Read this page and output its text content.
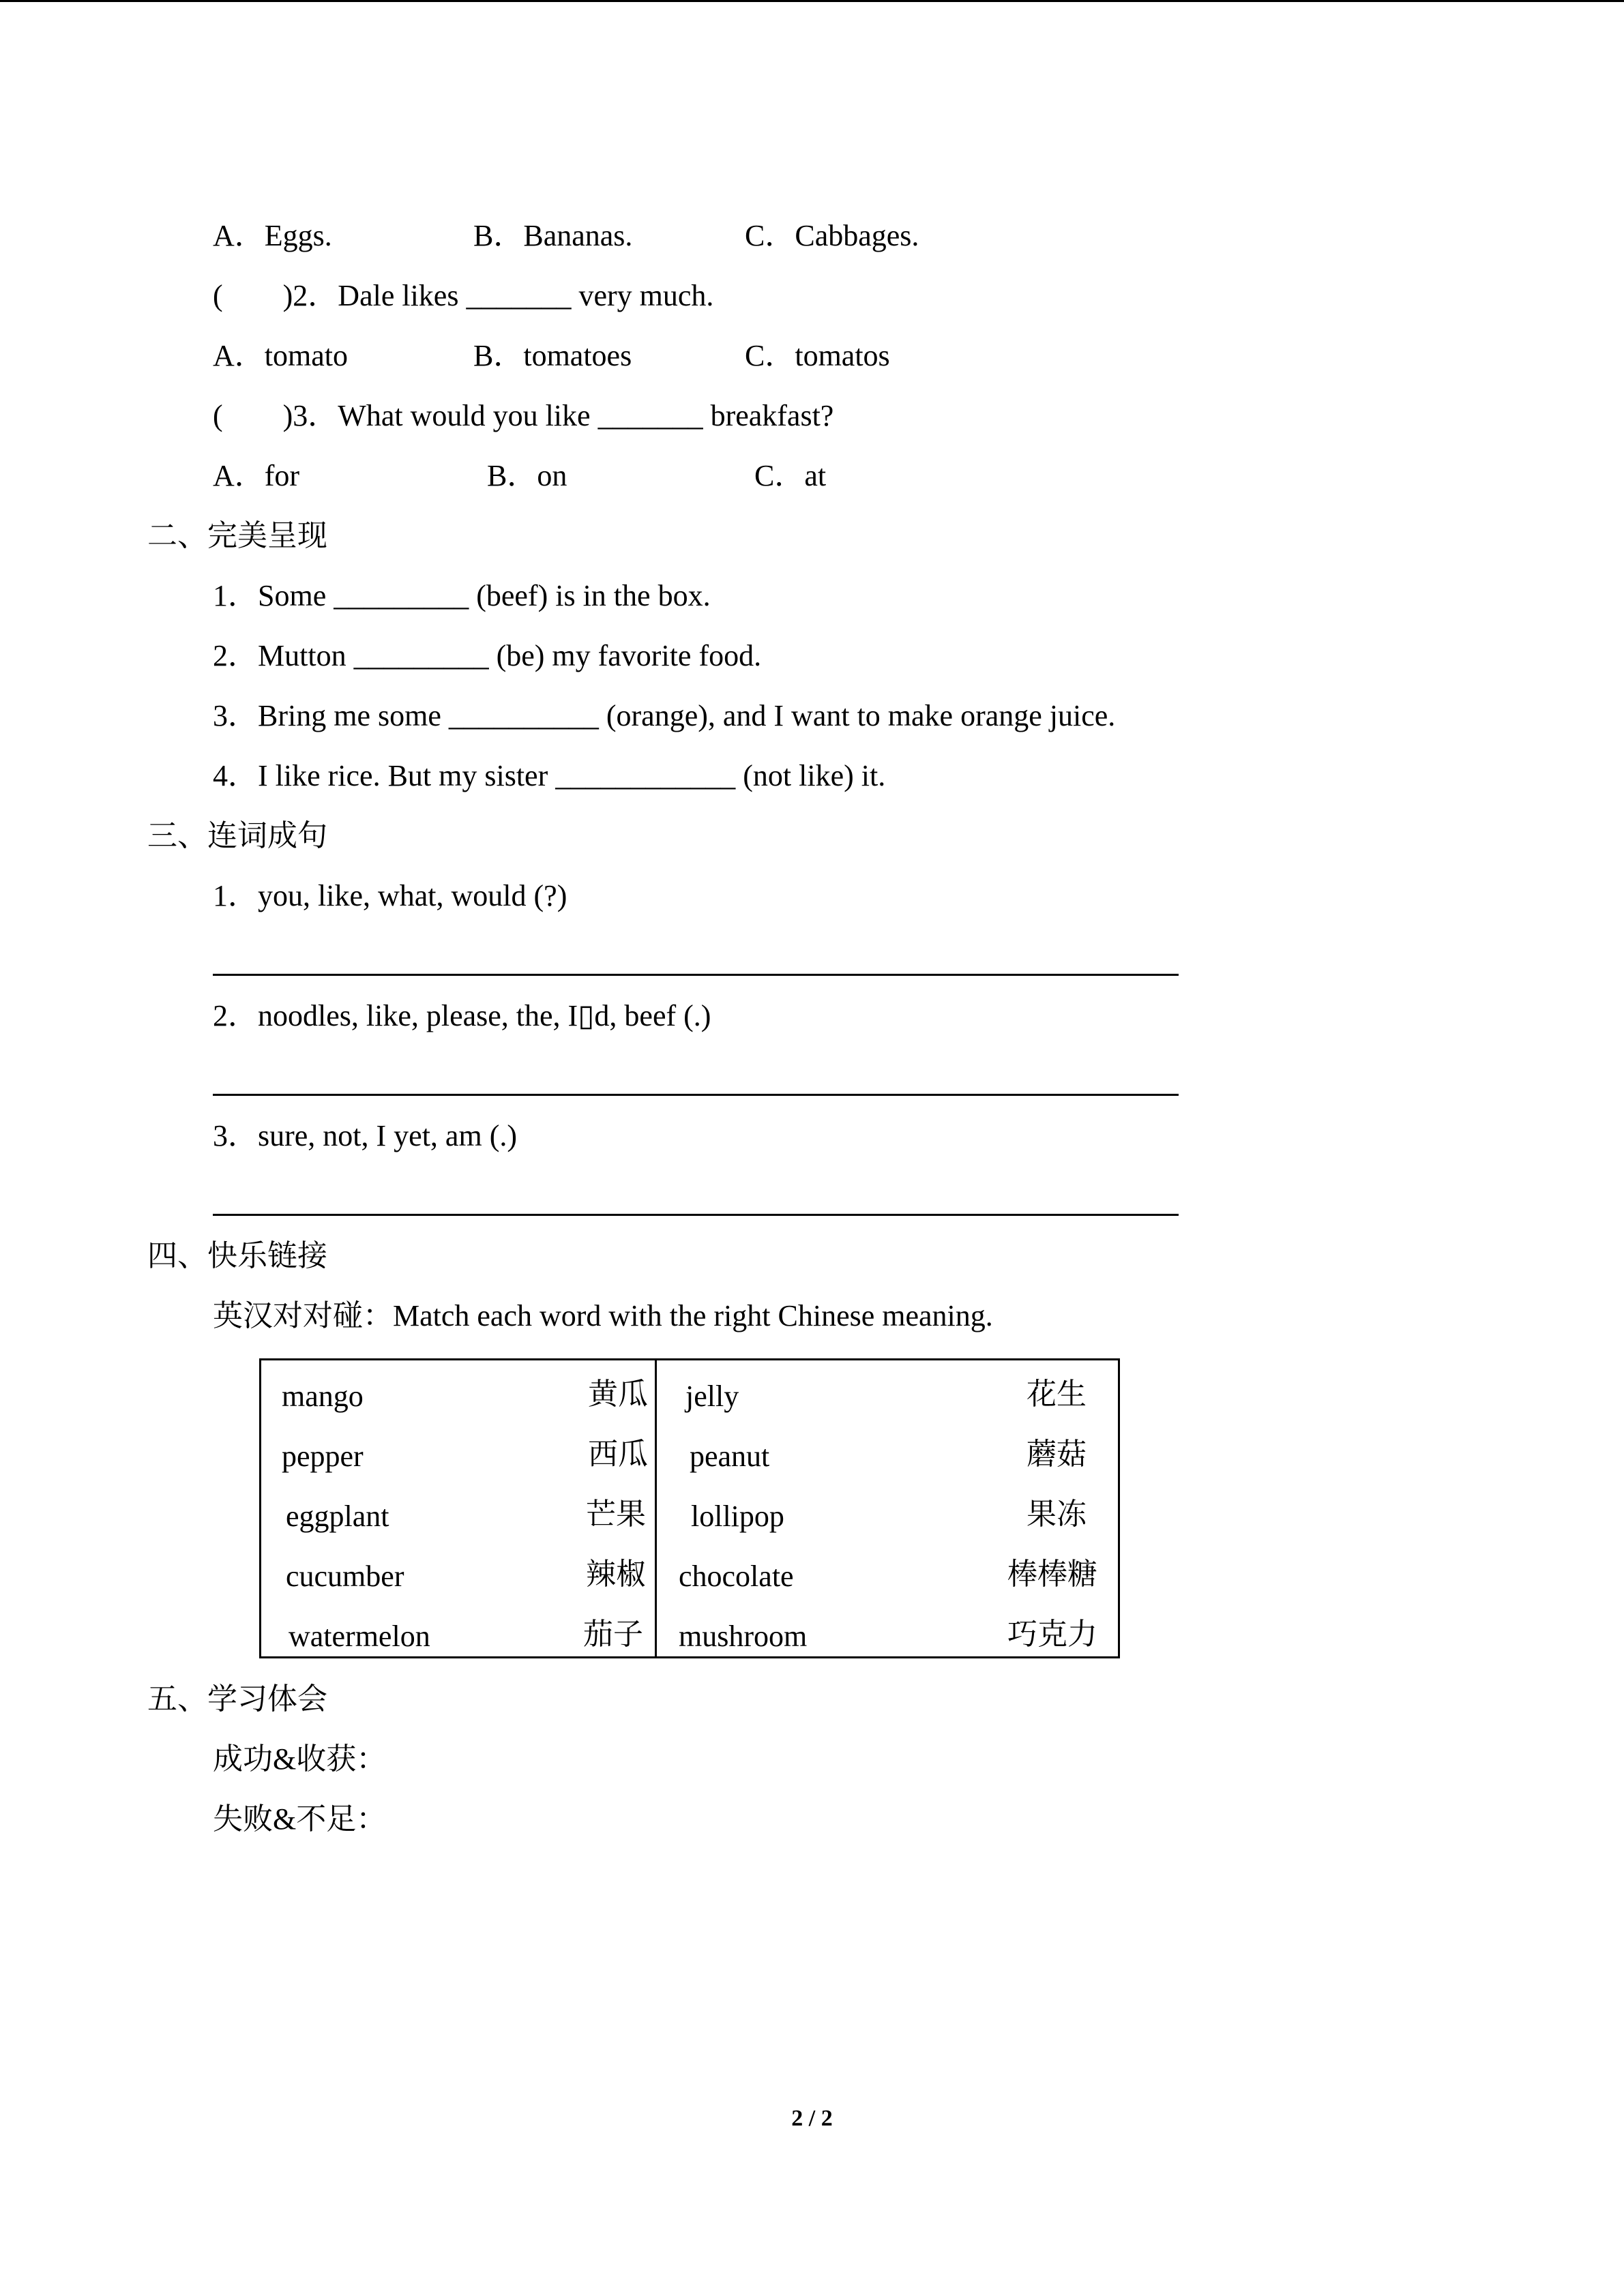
A．Eggs.	B．Bananas.	C．Cabbages.
(　　)2．Dale likes _______ very much.
A．tomato	B．tomatoes	C．tomatos
(　　)3．What would you like _______ breakfast?
A．for	B．on	C．at
二、完美呈现
1．Some _________ (beef) is in the box.
2．Mutton _________ (be) my favorite food.
3．Bring me some __________ (orange), and I want to make orange juice.
4．I like rice. But my sister ____________ (not like) it.
三、连词成句
1．you, like, what, would (?)
2．noodles, like, please, the, I▯d, beef (.)
3．sure, not, I yet, am (.)
四、快乐链接
英汉对对碰：Match each word with the right Chinese meaning.
mango	黄瓜
pepper	西瓜
eggplant	芒果
cucumber	辣椒
watermelon	茄子
jelly	花生
peanut	蘑菇
lollipop	果冻
chocolate	棒棒糖
mushroom	巧克力
五、学习体会
成功&收获：
失败&不足：
2 / 2
